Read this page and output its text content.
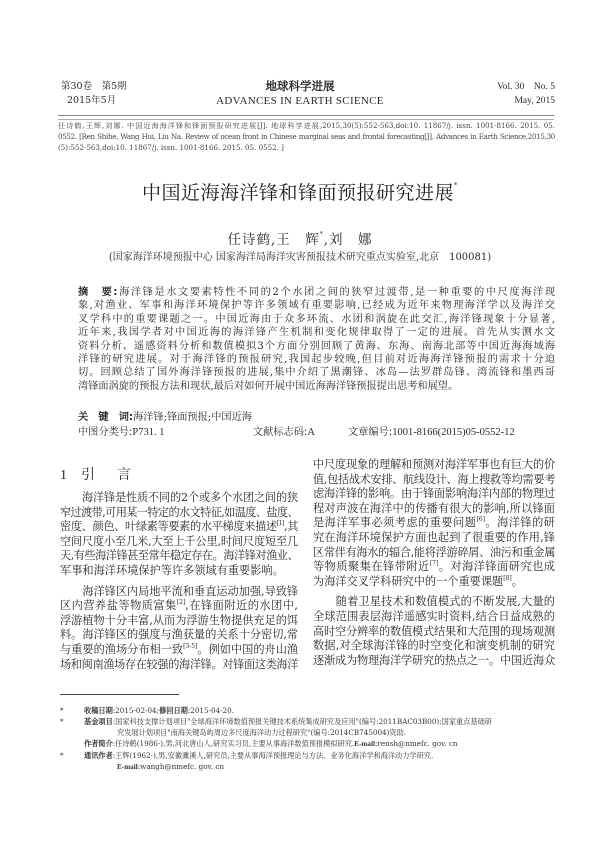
第30卷　第5期
2015年5月
地球科学进展
ADVANCES IN EARTH SCIENCE
Vol. 30　No. 5
May, 2015
任诗鹤,王辉,刘娜. 中国近海海洋锋和锋面预报研究进展[J]. 地球科学进展,2015,30(5):552-563,doi:10. 11867/j. issn. 1001-8166. 2015. 05.
0552. [Ren Shihe, Wang Hui, Liu Na. Review of ocean front in Chinese marginal seas and frontal forecasting[J]. Advances in Earth Science,2015,30
(5):552-563,doi:10. 11867/j. issn. 1001-8166. 2015. 05. 0552. ]
中国近海海洋锋和锋面预报研究进展*
任诗鹤,王　辉*,刘　娜
(国家海洋环境预报中心 国家海洋局海洋灾害预报技术研究重点实验室,北京　100081)
摘　要:海洋锋是水文要素特性不同的2个水团之间的狭窄过渡带,是一种重要的中尺度海洋现
象,对渔业、军事和海洋环境保护等许多领域有重要影响,已经成为近年来物理海洋学以及海洋交
叉学科中的重要课题之一。中国近海由于众多环流、水团和涡旋在此交汇,海洋锋现象十分显著,
近年来,我国学者对中国近海的海洋锋产生机制和变化规律取得了一定的进展。首先从实测水文
资料分析、遥感资料分析和数值模拟3个方面分别回顾了黄海、东海、南海北部等中国近海海域海
洋锋的研究进展。对于海洋锋的预报研究,我国起步较晚,但目前对近海海洋锋预报的需求十分迫
切。回顾总结了国外海洋锋预报的进展,集中介绍了黑潮锋、冰岛—法罗群岛锋、湾流锋和墨西哥
湾锋面涡旋的预报方法和现状,最后对如何开展中国近海海洋锋预报提出思考和展望。
关　键　词:海洋锋;锋面预报;中国近海
中图分类号:P731. 1	文献标志码:A	文章编号:1001-8166(2015)05-0552-12
1 引　言
　　海洋锋是性质不同的2个或多个水团之间的狭
窄过渡带,可用某一特定的水文特征,如温度、盐度、
密度、颜色、叶绿素等要素的水平梯度来描述[1],其
空间尺度小至几米,大至上千公里,时间尺度短至几
天,有些海洋锋甚至常年稳定存在。海洋锋对渔业、
军事和海洋环境保护等许多领域有重要影响。
　　海洋锋区内局地平流和垂直运动加强,导致锋
区内营养盐等物质富集[2],在锋面附近的水团中,
浮游植物十分丰富,从而为浮游生物提供充足的饵
料。海洋锋区的强度与渔获量的关系十分密切,常
与重要的渔场分布相一致[3-5]。例如中国的舟山渔
场和闽南渔场存在较强的海洋锋。对锋面这类海洋
中尺度现象的理解和预测对海洋军事也有巨大的价
值,包括战术安排、航线设计、海上搜救等均需要考
虑海洋锋的影响。由于锋面影响海洋内部的物理过
程对声波在海洋中的传播有很大的影响,所以锋面
是海洋军事必须考虑的重要问题[6]。海洋锋的研
究在海洋环境保护方面也起到了很重要的作用,锋
区常伴有海水的辐合,能将浮游碎屑、油污和重金属
等物质聚集在锋带附近[7]。对海洋锋面研究也成
为海洋交叉学科研究中的一个重要课题[8]。
　　随着卫星技术和数值模式的不断发展,大量的
全球范围表层海洋遥感实时资料,结合日益成熟的
高时空分辨率的数值模式结果和大范围的现场观测
数据,对全球海洋锋的时空变化和演变机制的研究
逐渐成为物理海洋学研究的热点之一。中国近海众
*	收稿日期:2015-02-04;修回日期:2015-04-20.
*	基金项目:国家科技支撑计划项目"全球海洋环境数值预报关键技术系统集成研究及应用"(编号:2011BAC03B00);国家重点基础研
究发展计划项目"南海关键岛屿周边多尺度海洋动力过程研究"(编号:2014CB745004)资助.
作者简介:任诗鹤(1986-),男,河北唐山人,研究实习员,主要从事海洋数值预报模拟研究.E-mail:rensh@nmefc. gov. cn
*	通讯作者:王辉(1962-),男,安徽濉溪人,研究员,主要从事海洋预报理论与方法、业务化海洋学和海洋动力学研究.
E-mail:wangh@nmefc. gov. cn
